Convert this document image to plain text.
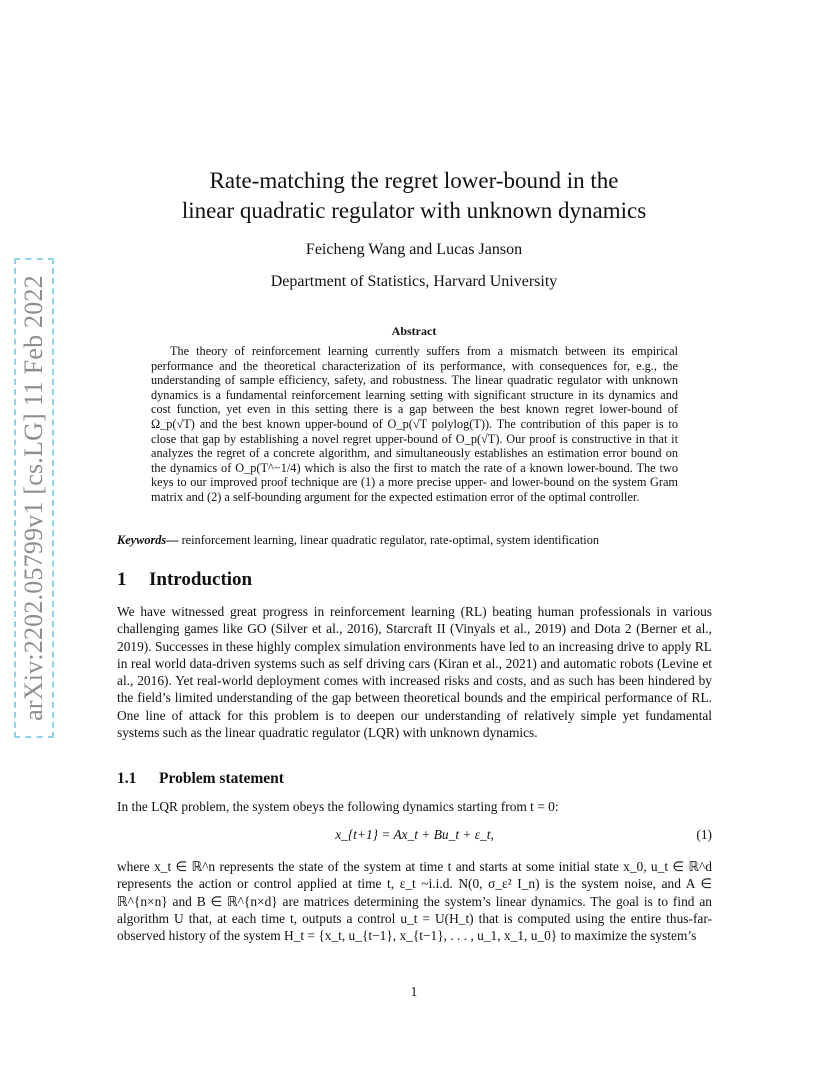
arXiv:2202.05799v1 [cs.LG] 11 Feb 2022
Rate-matching the regret lower-bound in the
linear quadratic regulator with unknown dynamics
Feicheng Wang and Lucas Janson
Department of Statistics, Harvard University
Abstract

The theory of reinforcement learning currently suffers from a mismatch between its empirical performance and the theoretical characterization of its performance, with consequences for, e.g., the understanding of sample efficiency, safety, and robustness. The linear quadratic regulator with unknown dynamics is a fundamental reinforcement learning setting with significant structure in its dynamics and cost function, yet even in this setting there is a gap between the best known regret lower-bound of Ω_p(√T) and the best known upper-bound of O_p(√T polylog(T)). The contribution of this paper is to close that gap by establishing a novel regret upper-bound of O_p(√T). Our proof is constructive in that it analyzes the regret of a concrete algorithm, and simultaneously establishes an estimation error bound on the dynamics of O_p(T^−1/4) which is also the first to match the rate of a known lower-bound. The two keys to our improved proof technique are (1) a more precise upper- and lower-bound on the system Gram matrix and (2) a self-bounding argument for the expected estimation error of the optimal controller.

Keywords— reinforcement learning, linear quadratic regulator, rate-optimal, system identification
1 Introduction

We have witnessed great progress in reinforcement learning (RL) beating human professionals in various challenging games like GO (Silver et al., 2016), Starcraft II (Vinyals et al., 2019) and Dota 2 (Berner et al., 2019). Successes in these highly complex simulation environments have led to an increasing drive to apply RL in real world data-driven systems such as self driving cars (Kiran et al., 2021) and automatic robots (Levine et al., 2016). Yet real-world deployment comes with increased risks and costs, and as such has been hindered by the field’s limited understanding of the gap between theoretical bounds and the empirical performance of RL. One line of attack for this problem is to deepen our understanding of relatively simple yet fundamental systems such as the linear quadratic regulator (LQR) with unknown dynamics.

1.1 Problem statement

In the LQR problem, the system obeys the following dynamics starting from t = 0:

x_{t+1} = Ax_t + Bu_t + ε_t,	(1)

where x_t ∈ ℝ^n represents the state of the system at time t and starts at some initial state x_0, u_t ∈ ℝ^d represents the action or control applied at time t, ε_t ~i.i.d. N(0, σ_ε² I_n) is the system noise, and A ∈ ℝ^{n×n} and B ∈ ℝ^{n×d} are matrices determining the system’s linear dynamics. The goal is to find an algorithm U that, at each time t, outputs a control u_t = U(H_t) that is computed using the entire thus-far-observed history of the system H_t = {x_t, u_{t−1}, x_{t−1}, . . . , u_1, x_1, u_0} to maximize the system’s

1
